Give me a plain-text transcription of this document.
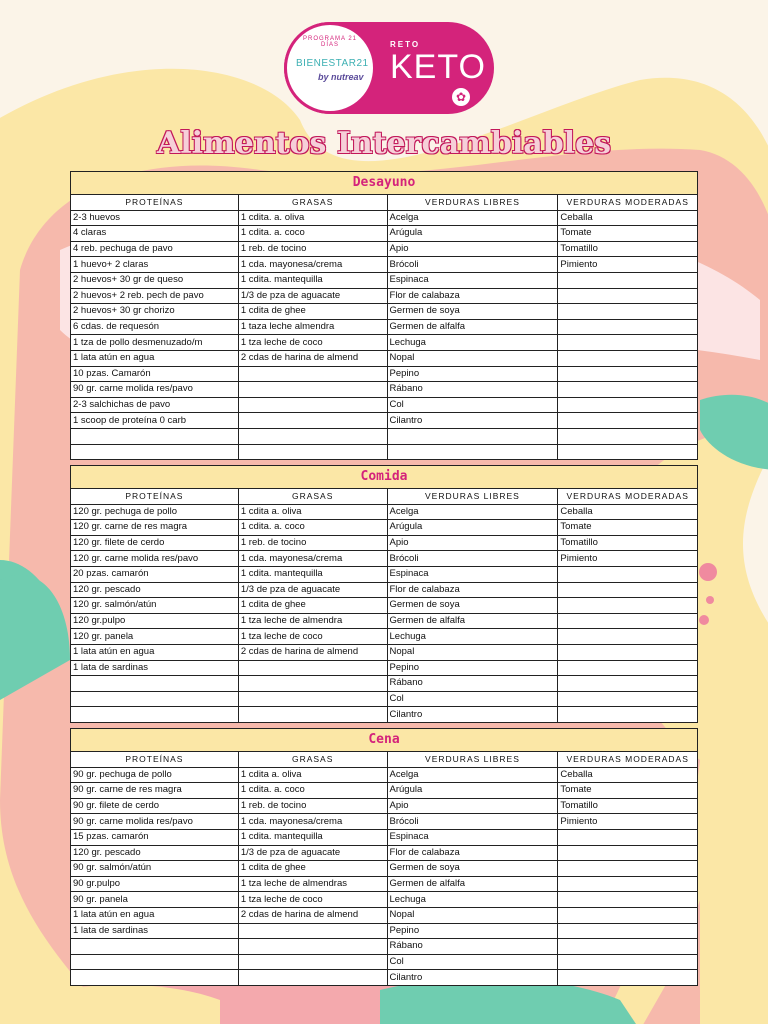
PROGRAMA 21 DÍAS
BIENESTAR21
by nutreav
RETO
KETO
✿
Alimentos Intercambiables
Desayuno			
PROTEÍNAS	GRASAS	VERDURAS LIBRES	VERDURAS MODERADAS
2-3 huevos	1 cdita. a. oliva	Acelga	Ceballa
4 claras	1 cdita. a. coco	Arúgula	Tomate
4 reb. pechuga de pavo	1 reb. de tocino	Apio	Tomatillo
1 huevo+ 2 claras	1 cda. mayonesa/crema	Brócoli	Pimiento
2 huevos+ 30 gr de queso	1 cdita. mantequilla	Espinaca	
2 huevos+ 2 reb. pech de pavo	1/3 de pza de aguacate	Flor de calabaza	
2 huevos+ 30 gr chorizo	1 cdita de ghee	Germen de soya	
6 cdas. de requesón	1 taza leche almendra	Germen de alfalfa	
1 tza de pollo desmenuzado/m	1 tza leche de coco	Lechuga	
1 lata atún en agua	2 cdas de harina de almend	Nopal	
10 pzas. Camarón		Pepino	
90 gr. carne molida res/pavo		Rábano	
2-3 salchichas de pavo		Col	
1 scoop de proteína 0 carb		Cilantro	

Comida			
PROTEÍNAS	GRASAS	VERDURAS LIBRES	VERDURAS MODERADAS
120 gr. pechuga de pollo	1 cdita a. oliva	Acelga	Ceballa
120 gr. carne de res magra	1 cdita. a. coco	Arúgula	Tomate
120 gr. filete de cerdo	1 reb. de tocino	Apio	Tomatillo
120 gr. carne molida res/pavo	1 cda. mayonesa/crema	Brócoli	Pimiento
20 pzas. camarón	1 cdita. mantequilla	Espinaca	
120 gr. pescado	1/3 de pza de aguacate	Flor de calabaza	
120 gr. salmón/atún	1 cdita de ghee	Germen de soya	
120 gr.pulpo	1 tza leche de almendra	Germen de alfalfa	
120 gr. panela	1 tza leche de coco	Lechuga	
1 lata atún en agua	2 cdas de harina de almend	Nopal	
1 lata de sardinas		Pepino	
		Rábano	
		Col	
		Cilantro	
Cena			
PROTEÍNAS	GRASAS	VERDURAS LIBRES	VERDURAS MODERADAS
90 gr. pechuga de pollo	1 cdita a. oliva	Acelga	Ceballa
90 gr. carne de res magra	1 cdita. a. coco	Arúgula	Tomate
90 gr. filete de cerdo	1 reb. de tocino	Apio	Tomatillo
90 gr. carne molida res/pavo	1 cda. mayonesa/crema	Brócoli	Pimiento
15 pzas. camarón	1 cdita. mantequilla	Espinaca	
120 gr. pescado	1/3 de pza de aguacate	Flor de calabaza	
90 gr. salmón/atún	1 cdita de ghee	Germen de soya	
90 gr.pulpo	1 tza leche de almendras	Germen de alfalfa	
90 gr. panela	1 tza leche de coco	Lechuga	
1 lata atún en agua	2 cdas de harina de almend	Nopal	
1 lata de sardinas		Pepino	
		Rábano	
		Col	
		Cilantro	
